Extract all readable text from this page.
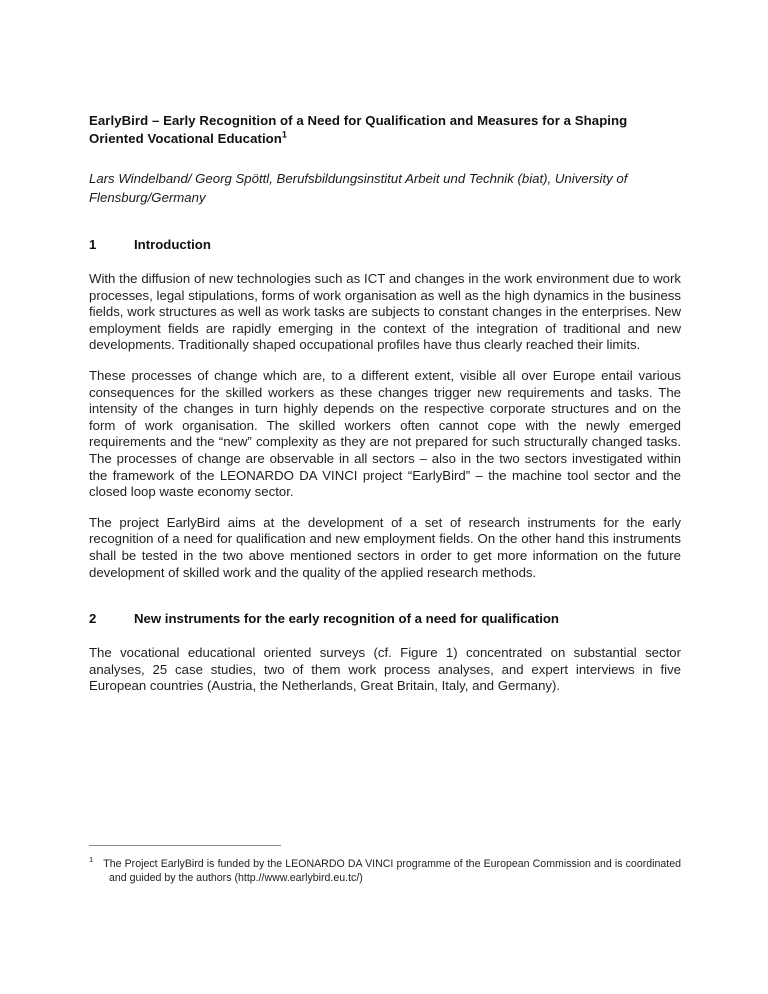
EarlyBird – Early Recognition of a Need for Qualification and Measures for a Shaping Oriented Vocational Education$^1$

Lars Windelband/ Georg Spöttl, Berufsbildungsinstitut Arbeit und Technik (biat), University of Flensburg/Germany

1	Introduction

With the diffusion of new technologies such as ICT and changes in the work environment due to work processes, legal stipulations, forms of work organisation as well as the high dynamics in the business fields, work structures as well as work tasks are subjects to constant changes in the enterprises. New employment fields are rapidly emerging in the context of the integration of traditional and new developments. Traditionally shaped occupational profiles have thus clearly reached their limits.

These processes of change which are, to a different extent, visible all over Europe entail various consequences for the skilled workers as these changes trigger new requirements and tasks. The intensity of the changes in turn highly depends on the respective corporate structures and on the form of work organisation. The skilled workers often cannot cope with the newly emerged requirements and the “new” complexity as they are not prepared for such structurally changed tasks. The processes of change are observable in all sectors – also in the two sectors investigated within the framework of the LEONARDO DA VINCI project “EarlyBird” – the machine tool sector and the closed loop waste economy sector.

The project EarlyBird aims at the development of a set of research instruments for the early recognition of a need for qualification and new employment fields. On the other hand this instruments shall be tested in the two above mentioned sectors in order to get more information on the future development of skilled work and the quality of the applied research methods.

2	New instruments for the early recognition of a need for qualification

The vocational educational oriented surveys (cf. Figure 1) concentrated on substantial sector analyses, 25 case studies, two of them work process analyses, and expert interviews in five European countries (Austria, the Netherlands, Great Britain, Italy, and Germany).

$^1$ The Project EarlyBird is funded by the LEONARDO DA VINCI programme of the European Commission and is coordinated and guided by the authors (http.//www.earlybird.eu.tc/)
